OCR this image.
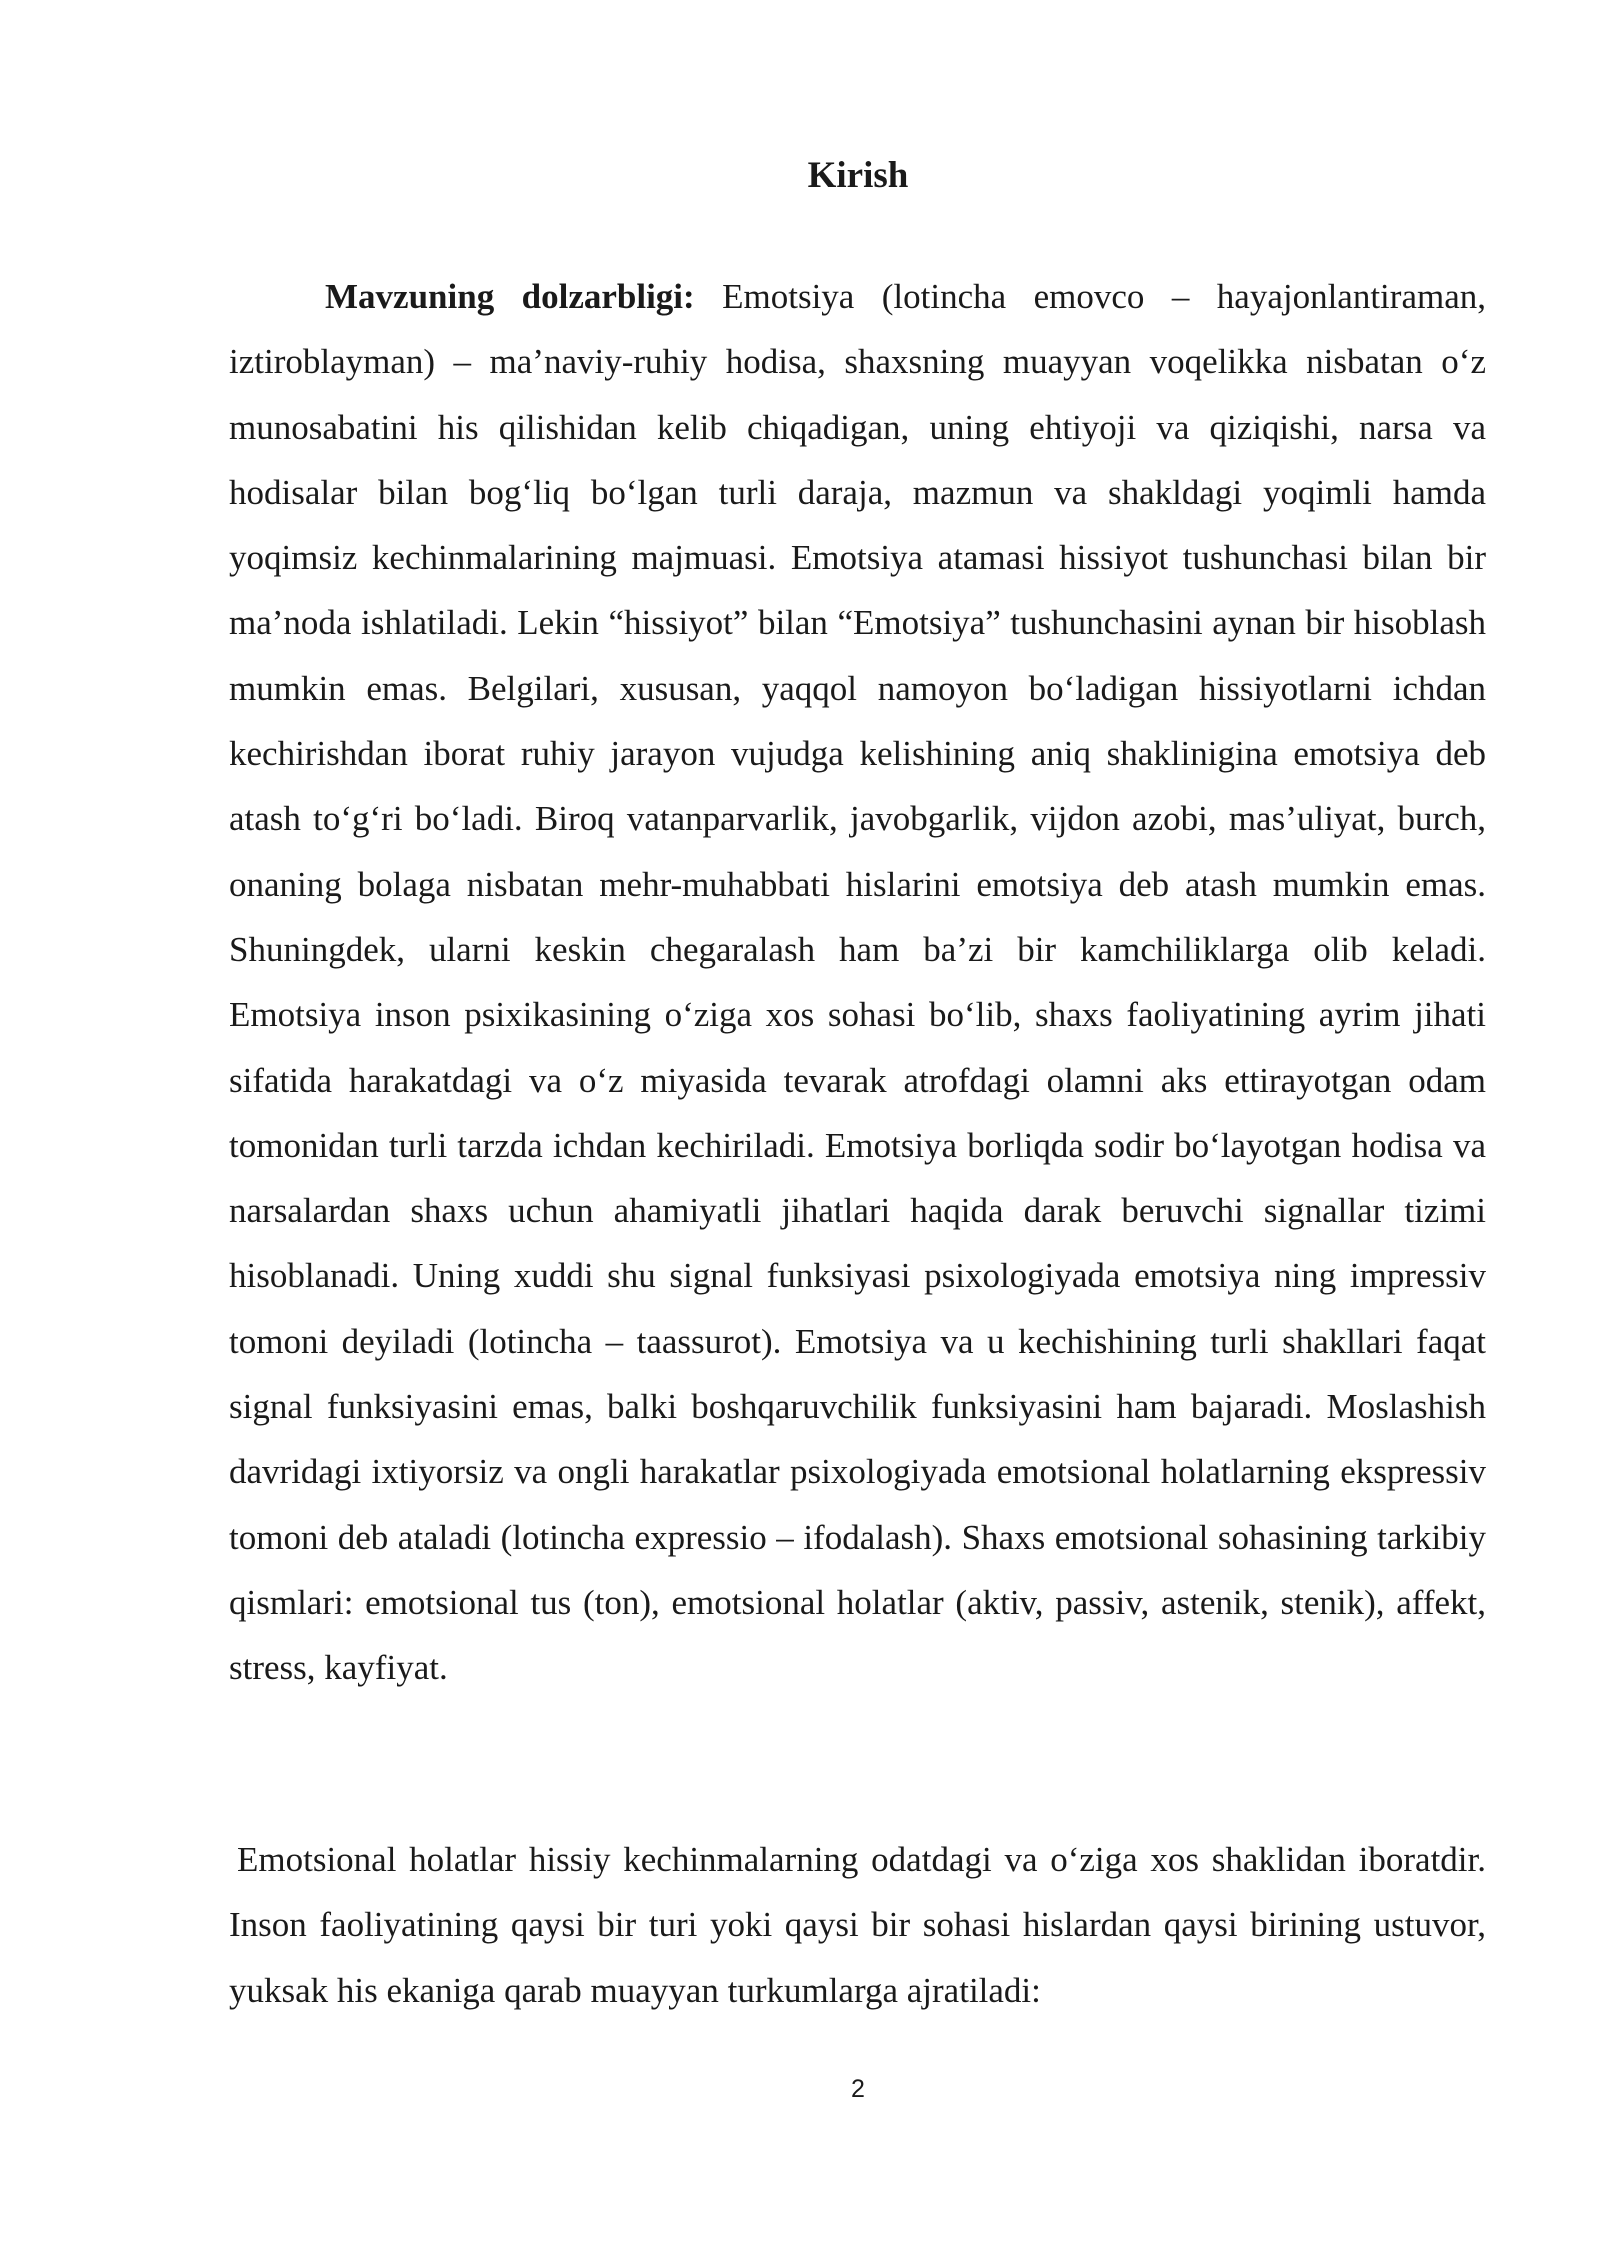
Kirish

Mavzuning dolzarbligi: Emotsiya (lotincha emovco – hayajonlantiraman, iztiroblayman) – ma’naviy-ruhiy hodisa, shaxsning muayyan voqelikka nisbatan o‘z munosabatini his qilishidan kelib chiqadigan, uning ehtiyoji va qiziqishi, narsa va hodisalar bilan bog‘liq bo‘lgan turli daraja, mazmun va shakldagi yoqimli hamda yoqimsiz kechinmalarining majmuasi. Emotsiya atamasi hissiyot tushunchasi bilan bir ma’noda ishlatiladi. Lekin “hissiyot” bilan “Emotsiya” tushunchasini aynan bir hisoblash mumkin emas. Belgilari, xususan, yaqqol namoyon bo‘ladigan hissiyotlarni ichdan kechirishdan iborat ruhiy jarayon vujudga kelishining aniq shaklinigina emotsiya deb atash to‘g‘ri bo‘ladi. Biroq vatanparvarlik, javobgarlik, vijdon azobi, mas’uliyat, burch, onaning bolaga nisbatan mehr-muhabbati hislarini emotsiya deb atash mumkin emas. Shuningdek, ularni keskin chegaralash ham ba’zi bir kamchiliklarga olib keladi. Emotsiya inson psixikasining o‘ziga xos sohasi bo‘lib, shaxs faoliyatining ayrim jihati sifatida harakatdagi va o‘z miyasida tevarak atrofdagi olamni aks ettirayotgan odam tomonidan turli tarzda ichdan kechiriladi. Emotsiya borliqda sodir bo‘layotgan hodisa va narsalardan shaxs uchun ahamiyatli jihatlari haqida darak beruvchi signallar tizimi hisoblanadi. Uning xuddi shu signal funksiyasi psixologiyada emotsiya ning impressiv tomoni deyiladi (lotincha – taassurot). Emotsiya va u kechishining turli shakllari faqat signal funksiyasini emas, balki boshqaruvchilik funksiyasini ham bajaradi. Moslashish davridagi ixtiyorsiz va ongli harakatlar psixologiyada emotsional holatlarning ekspressiv tomoni deb ataladi (lotincha expressio – ifodalash). Shaxs emotsional sohasining tarkibiy qismlari: emotsional tus (ton), emotsional holatlar (aktiv, passiv, astenik, stenik), affekt, stress, kayfiyat.

Emotsional holatlar hissiy kechinmalarning odatdagi va o‘ziga xos shaklidan iboratdir. Inson faoliyatining qaysi bir turi yoki qaysi bir sohasi hislardan qaysi birining ustuvor, yuksak his ekaniga qarab muayyan turkumlarga ajratiladi:

2
